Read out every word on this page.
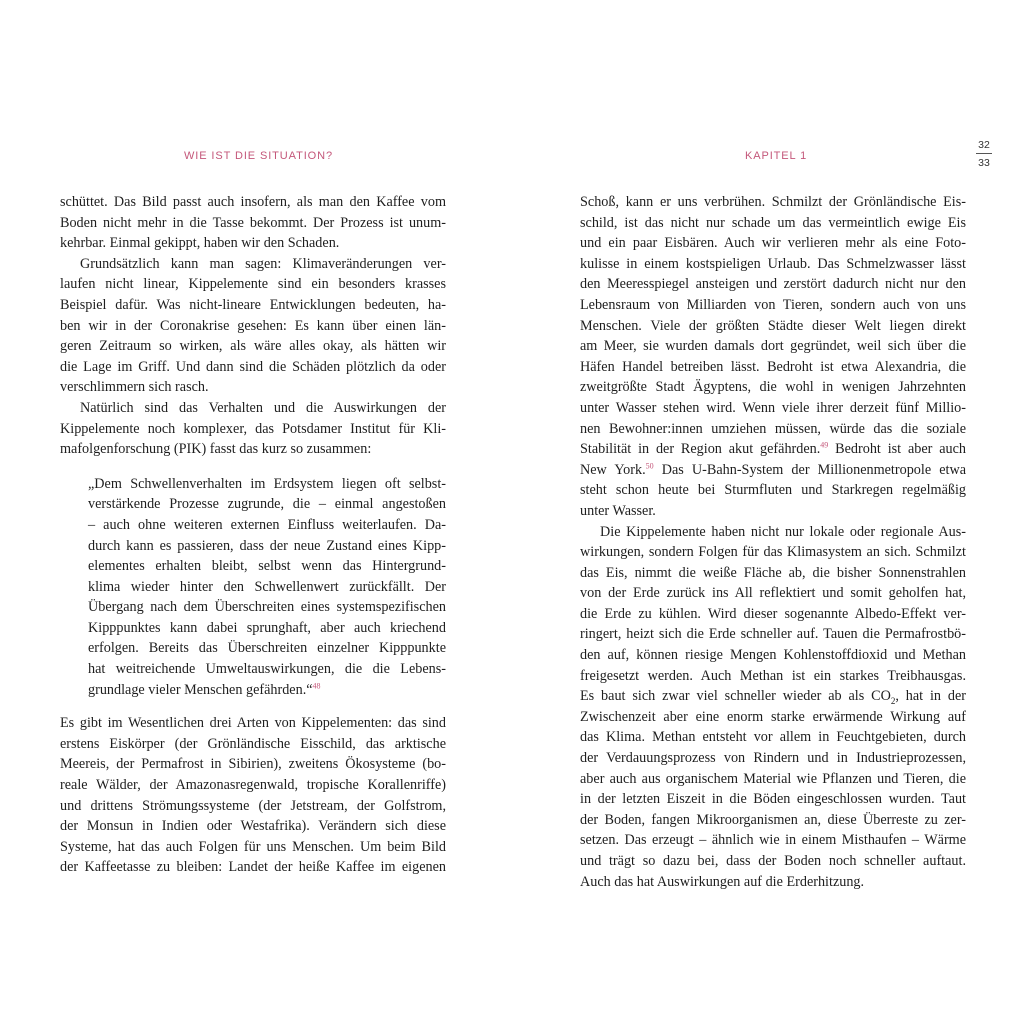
WIE IST DIE SITUATION?	KAPITEL 1
32
33
schüttet. Das Bild passt auch insofern, als man den Kaffee vom
Boden nicht mehr in die Tasse bekommt. Der Prozess ist unum-
kehrbar. Einmal gekippt, haben wir den Schaden.
Grundsätzlich kann man sagen: Klimaveränderungen ver-
laufen nicht linear, Kippelemente sind ein besonders krasses
Beispiel dafür. Was nicht-lineare Entwicklungen bedeuten, ha-
ben wir in der Coronakrise gesehen: Es kann über einen län-
geren Zeitraum so wirken, als wäre alles okay, als hätten wir
die Lage im Griff. Und dann sind die Schäden plötzlich da oder
verschlimmern sich rasch.
Natürlich sind das Verhalten und die Auswirkungen der
Kippelemente noch komplexer, das Potsdamer Institut für Kli-
mafolgenforschung (PIK) fasst das kurz so zusammen:
„Dem Schwellenverhalten im Erdsystem liegen oft selbst-
verstärkende Prozesse zugrunde, die – einmal angestoßen
– auch ohne weiteren externen Einfluss weiterlaufen. Da-
durch kann es passieren, dass der neue Zustand eines Kipp-
elementes erhalten bleibt, selbst wenn das Hintergrund-
klima wieder hinter den Schwellenwert zurückfällt. Der
Übergang nach dem Überschreiten eines systemspezifischen
Kipppunktes kann dabei sprunghaft, aber auch kriechend
erfolgen. Bereits das Überschreiten einzelner Kipppunkte
hat weitreichende Umweltauswirkungen, die die Lebens-
grundlage vieler Menschen gefährden.“$^{48}$
Es gibt im Wesentlichen drei Arten von Kippelementen: das sind
erstens Eiskörper (der Grönländische Eisschild, das arktische
Meereis, der Permafrost in Sibirien), zweitens Ökosysteme (bo-
reale Wälder, der Amazonasregenwald, tropische Korallenriffe)
und drittens Strömungssysteme (der Jetstream, der Golfstrom,
der Monsun in Indien oder Westafrika). Verändern sich diese
Systeme, hat das auch Folgen für uns Menschen. Um beim Bild
der Kaffeetasse zu bleiben: Landet der heiße Kaffee im eigenen
Schoß, kann er uns verbrühen. Schmilzt der Grönländische Eis-
schild, ist das nicht nur schade um das vermeintlich ewige Eis
und ein paar Eisbären. Auch wir verlieren mehr als eine Foto-
kulisse in einem kostspieligen Urlaub. Das Schmelzwasser lässt
den Meeresspiegel ansteigen und zerstört dadurch nicht nur den
Lebensraum von Milliarden von Tieren, sondern auch von uns
Menschen. Viele der größten Städte dieser Welt liegen direkt
am Meer, sie wurden damals dort gegründet, weil sich über die
Häfen Handel betreiben lässt. Bedroht ist etwa Alexandria, die
zweitgrößte Stadt Ägyptens, die wohl in wenigen Jahrzehnten
unter Wasser stehen wird. Wenn viele ihrer derzeit fünf Millio-
nen Bewohner:innen umziehen müssen, würde das die soziale
Stabilität in der Region akut gefährden.$^{49}$ Bedroht ist aber auch
New York.$^{50}$ Das U-Bahn-System der Millionenmetropole etwa
steht schon heute bei Sturmfluten und Starkregen regelmäßig
unter Wasser.
Die Kippelemente haben nicht nur lokale oder regionale Aus-
wirkungen, sondern Folgen für das Klimasystem an sich. Schmilzt
das Eis, nimmt die weiße Fläche ab, die bisher Sonnenstrahlen
von der Erde zurück ins All reflektiert und somit geholfen hat,
die Erde zu kühlen. Wird dieser sogenannte Albedo-Effekt ver-
ringert, heizt sich die Erde schneller auf. Tauen die Permafrostbö-
den auf, können riesige Mengen Kohlenstoffdioxid und Methan
freigesetzt werden. Auch Methan ist ein starkes Treibhausgas.
Es baut sich zwar viel schneller wieder ab als $CO_2$, hat in der
Zwischenzeit aber eine enorm starke erwärmende Wirkung auf
das Klima. Methan entsteht vor allem in Feuchtgebieten, durch
der Verdauungsprozess von Rindern und in Industrieprozessen,
aber auch aus organischem Material wie Pflanzen und Tieren, die
in der letzten Eiszeit in die Böden eingeschlossen wurden. Taut
der Boden, fangen Mikroorganismen an, diese Überreste zu zer-
setzen. Das erzeugt – ähnlich wie in einem Misthaufen – Wärme
und trägt so dazu bei, dass der Boden noch schneller auftaut.
Auch das hat Auswirkungen auf die Erderhitzung.
